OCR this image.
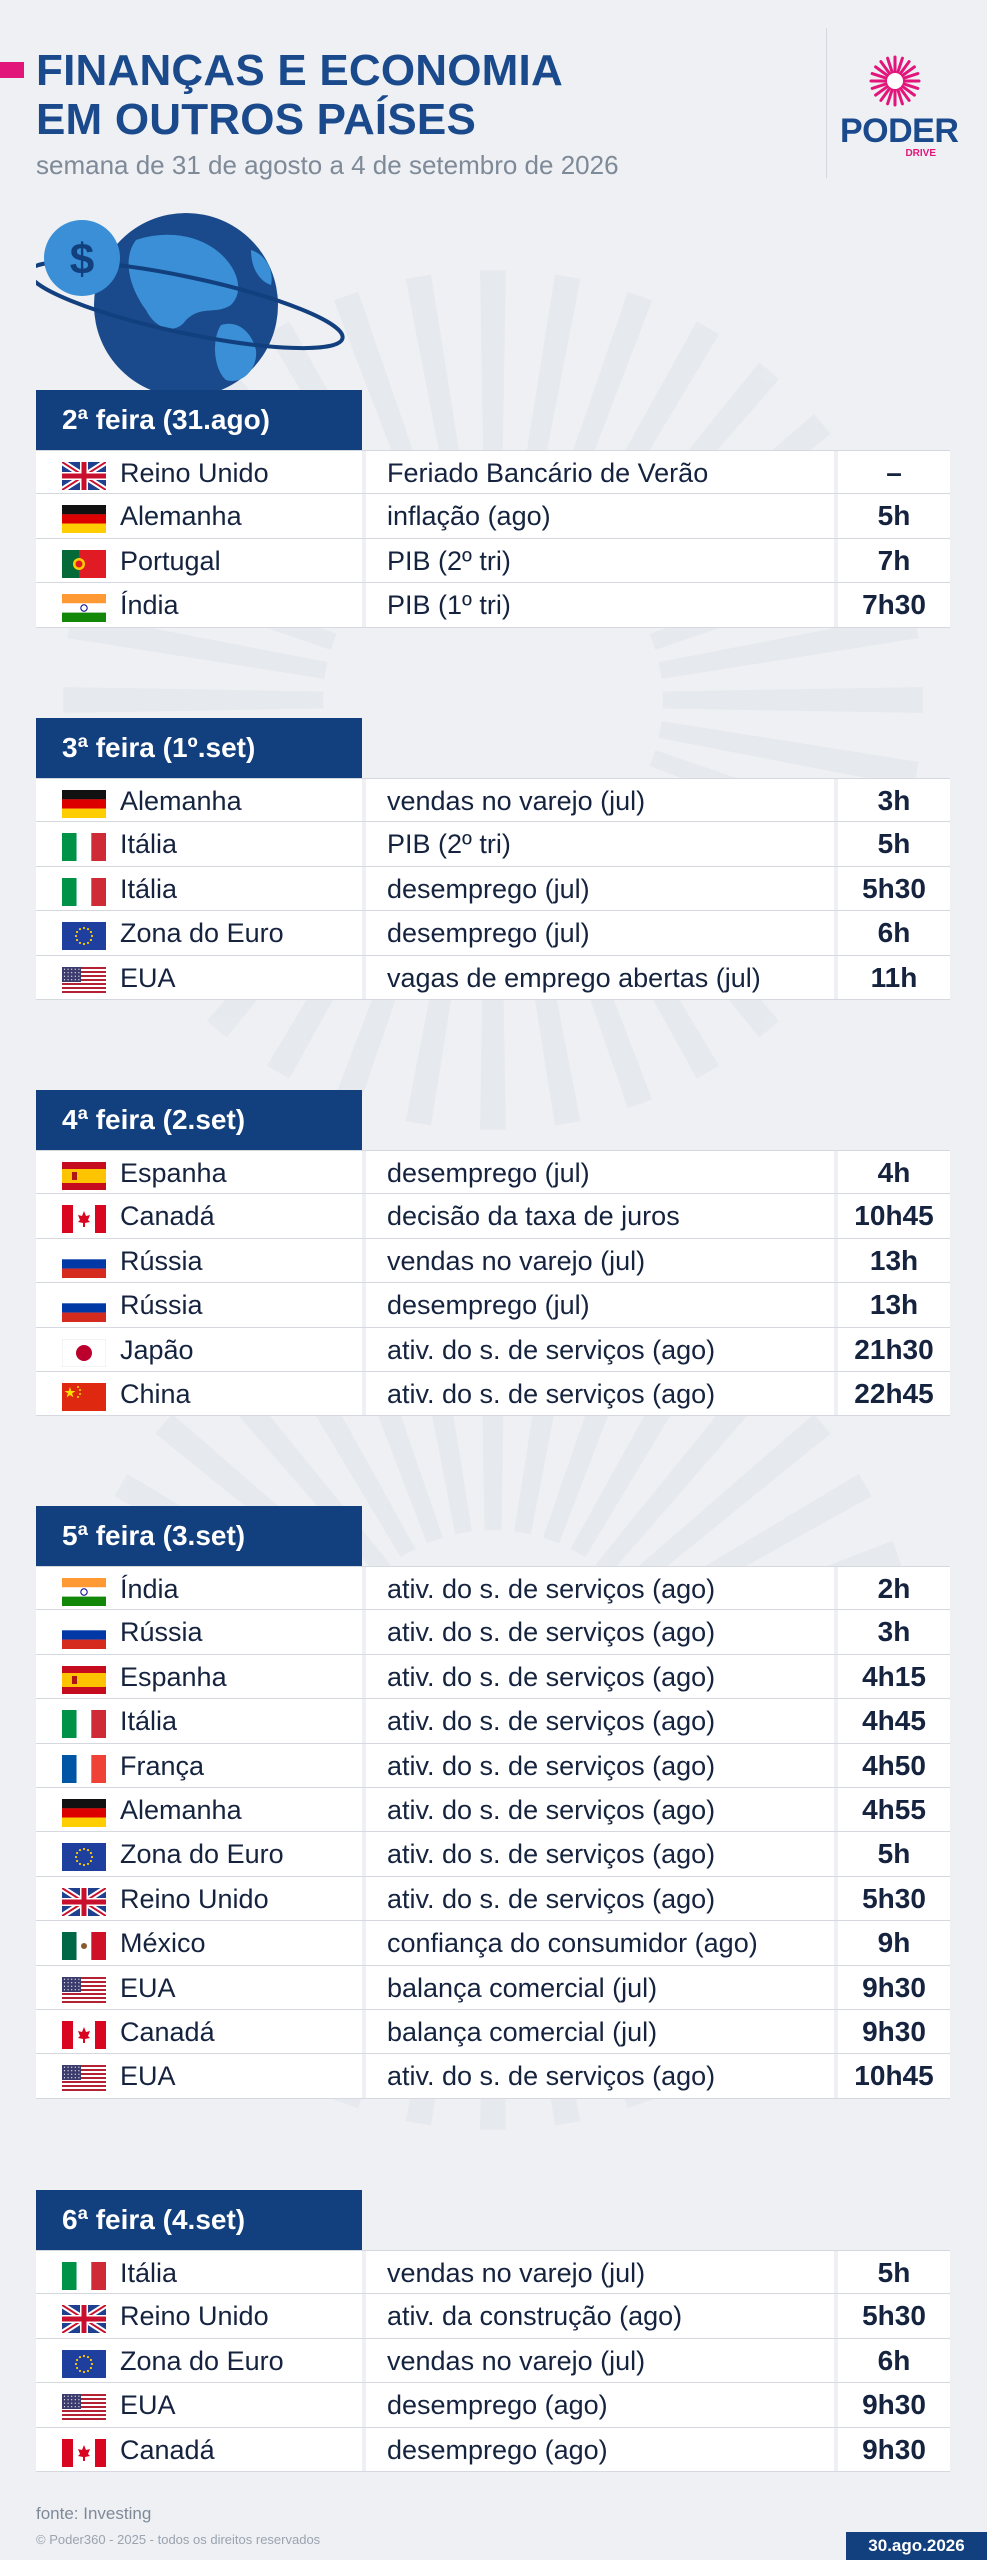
FINANÇAS E ECONOMIA
EM OUTROS PAÍSES
semana de 31 de agosto a 4 de setembro de 2026
PODER
DRIVE
$
2ª feira (31.ago)
Reino Unido	Feriado Bancário de Verão	–
Alemanha	inflação (ago)	5h
Portugal	PIB (2º tri)	7h
Índia	PIB (1º tri)	7h30
3ª feira (1º.set)
Alemanha	vendas no varejo (jul)	3h
Itália	PIB (2º tri)	5h
Itália	desemprego (jul)	5h30
Zona do Euro	desemprego (jul)	6h
EUA	vagas de emprego abertas (jul)	11h
4ª feira (2.set)
Espanha	desemprego (jul)	4h
Canadá	decisão da taxa de juros	10h45
Rússia	vendas no varejo (jul)	13h
Rússia	desemprego (jul)	13h
Japão	ativ. do s. de serviços (ago)	21h30
China	ativ. do s. de serviços (ago)	22h45
5ª feira (3.set)
Índia	ativ. do s. de serviços (ago)	2h
Rússia	ativ. do s. de serviços (ago)	3h
Espanha	ativ. do s. de serviços (ago)	4h15
Itália	ativ. do s. de serviços (ago)	4h45
França	ativ. do s. de serviços (ago)	4h50
Alemanha	ativ. do s. de serviços (ago)	4h55
Zona do Euro	ativ. do s. de serviços (ago)	5h
Reino Unido	ativ. do s. de serviços (ago)	5h30
México	confiança do consumidor (ago)	9h
EUA	balança comercial (jul)	9h30
Canadá	balança comercial (jul)	9h30
EUA	ativ. do s. de serviços (ago)	10h45
6ª feira (4.set)
Itália	vendas no varejo (jul)	5h
Reino Unido	ativ. da construção (ago)	5h30
Zona do Euro	vendas no varejo (jul)	6h
EUA	desemprego (ago)	9h30
Canadá	desemprego (ago)	9h30
fonte: Investing
© Poder360 - 2025 - todos os direitos reservados	30.ago.2026
